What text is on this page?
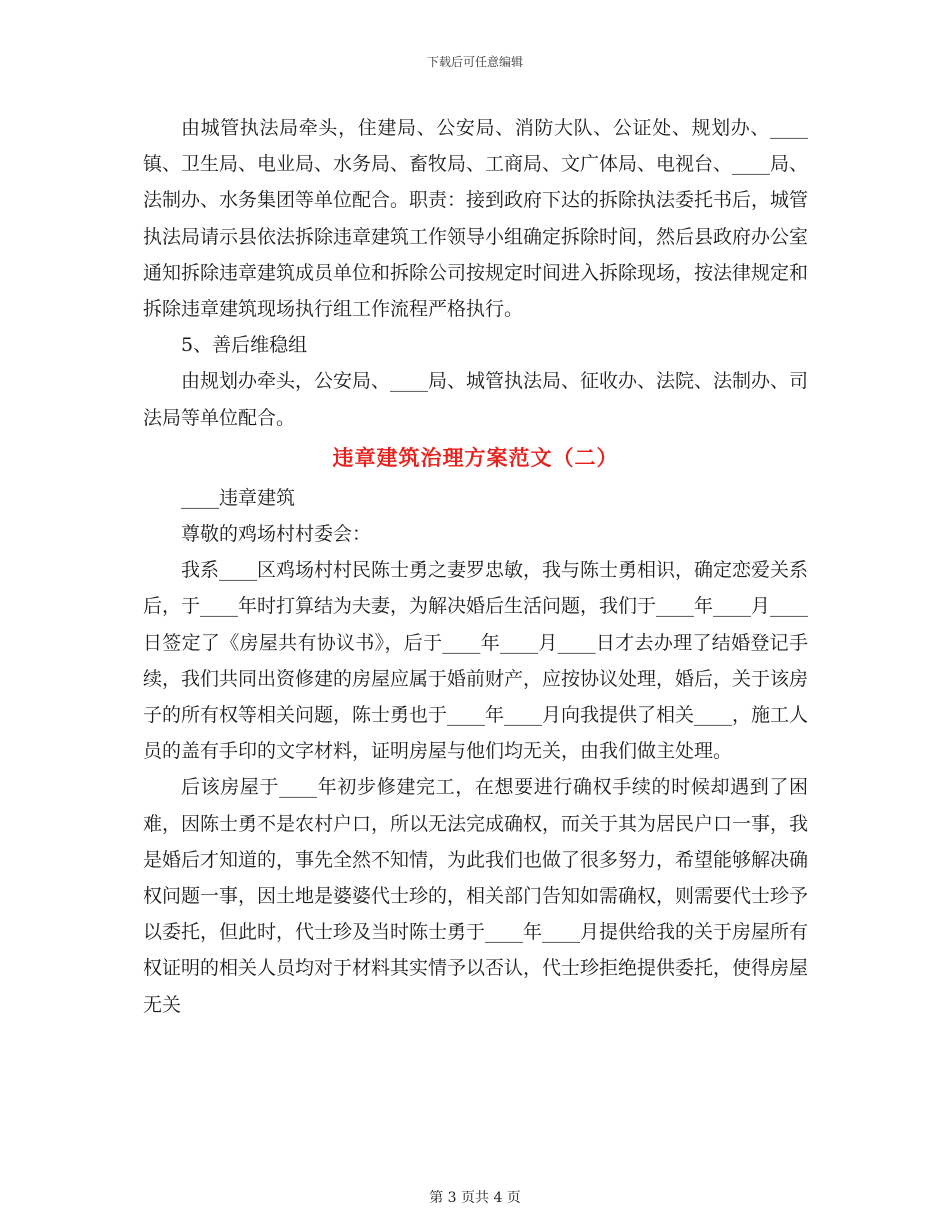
下载后可任意编辑

由城管执法局牵头，住建局、公安局、消防大队、公证处、规划办、____镇、卫生局、电业局、水务局、畜牧局、工商局、文广体局、电视台、____局、法制办、水务集团等单位配合。职责：接到政府下达的拆除执法委托书后，城管执法局请示县依法拆除违章建筑工作领导小组确定拆除时间，然后县政府办公室通知拆除违章建筑成员单位和拆除公司按规定时间进入拆除现场，按法律规定和拆除违章建筑现场执行组工作流程严格执行。

5、善后维稳组

由规划办牵头，公安局、____局、城管执法局、征收办、法院、法制办、司法局等单位配合。

违章建筑治理方案范文（二）

____违章建筑

尊敬的鸡场村村委会：

我系____区鸡场村村民陈士勇之妻罗忠敏，我与陈士勇相识，确定恋爱关系后，于____年时打算结为夫妻，为解决婚后生活问题，我们于____年____月____日签定了《房屋共有协议书》，后于____年____月____日才去办理了结婚登记手续，我们共同出资修建的房屋应属于婚前财产，应按协议处理，婚后，关于该房子的所有权等相关问题，陈士勇也于____年____月向我提供了相关____，施工人员的盖有手印的文字材料，证明房屋与他们均无关，由我们做主处理。

后该房屋于____年初步修建完工，在想要进行确权手续的时候却遇到了困难，因陈士勇不是农村户口，所以无法完成确权，而关于其为居民户口一事，我是婚后才知道的，事先全然不知情，为此我们也做了很多努力，希望能够解决确权问题一事，因土地是婆婆代士珍的，相关部门告知如需确权，则需要代士珍予以委托，但此时，代士珍及当时陈士勇于____年____月提供给我的关于房屋所有权证明的相关人员均对于材料其实情予以否认，代士珍拒绝提供委托，使得房屋无关

第 3 页共 4 页
